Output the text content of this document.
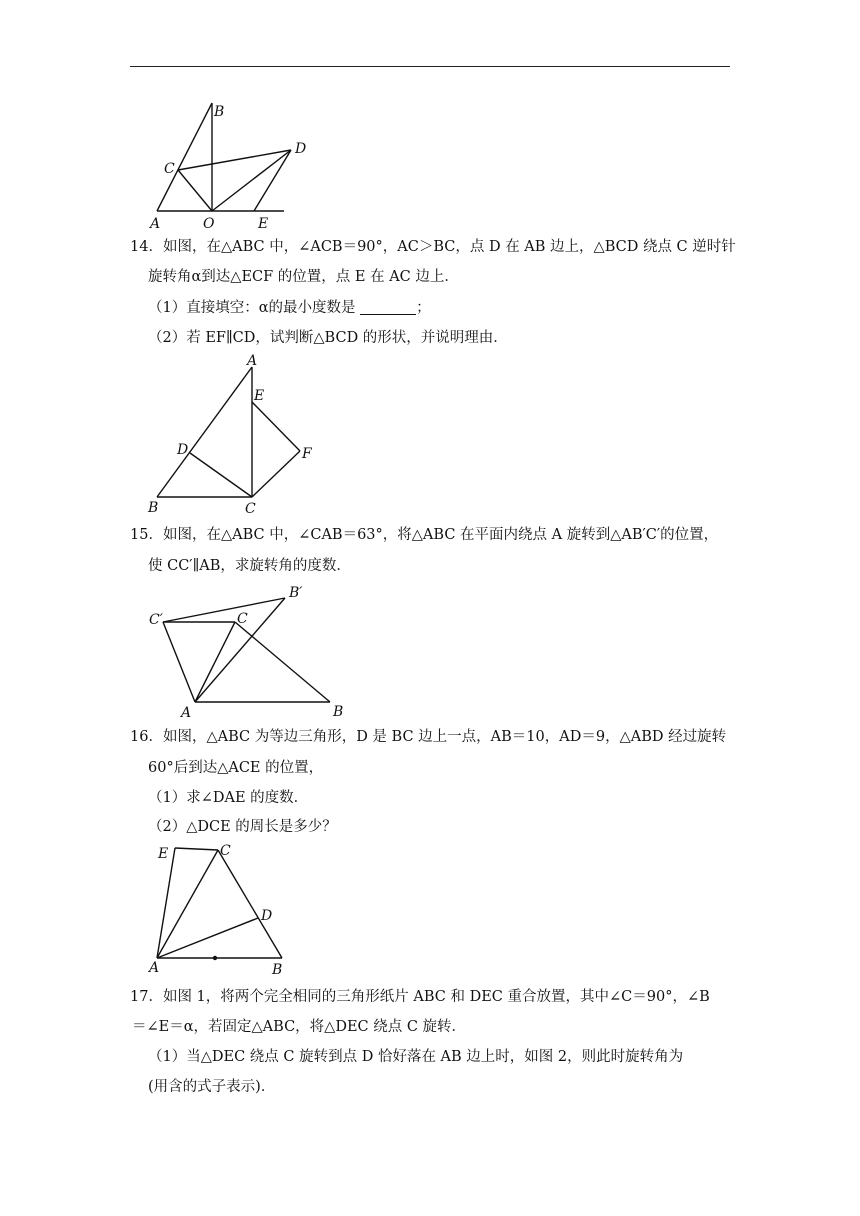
B
C
D
A	O	E
14．如图，在△ABC 中，∠ACB＝90°，AC＞BC，点 D 在 AB 边上，△BCD 绕点 C 逆时针
旋转角α到达△ECF 的位置，点 E 在 AC 边上．
（1）直接填空：α的最小度数是	；
（2）若 EF∥CD，试判断△BCD 的形状，并说明理由．
A
E
D	F
B	C
15．如图，在△ABC 中，∠CAB＝63°，将△ABC 在平面内绕点 A 旋转到△AB′C′的位置，
使 CC′∥AB，求旋转角的度数．
C′
B′
C
A	B
16．如图，△ABC 为等边三角形，D 是 BC 边上一点，AB＝10，AD＝9，△ABD 经过旋转
60°后到达△ACE 的位置，
（1）求∠DAE 的度数．
（2）△DCE 的周长是多少？
E	C
D
A	B
17．如图 1，将两个完全相同的三角形纸片 ABC 和 DEC 重合放置，其中∠C＝90°，∠B
＝∠E＝α，若固定△ABC，将△DEC 绕点 C 旋转．
（1）当△DEC 绕点 C 旋转到点 D 恰好落在 AB 边上时，如图 2，则此时旋转角为
(用含的式子表示)．
